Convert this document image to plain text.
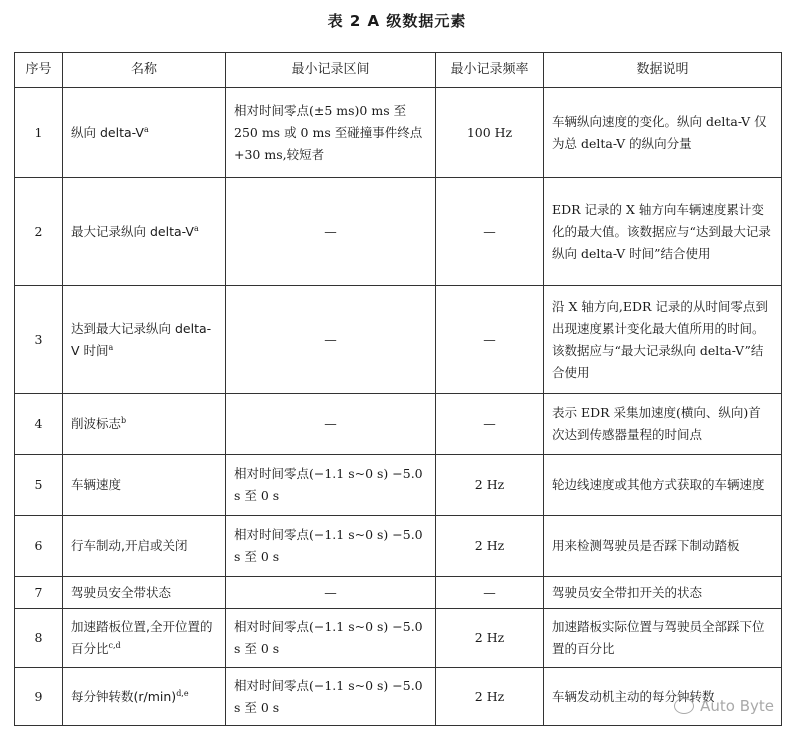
表 2 A 级数据元素
序号	名称	最小记录区间	最小记录频率	数据说明
1	纵向 delta-V$^a$	相对时间零点(±5 ms)0 ms 至 250 ms 或 0 ms 至碰撞事件终点+30 ms,较短者	100 Hz	车辆纵向速度的变化。纵向 delta-V 仅为总 delta-V 的纵向分量
2	最大记录纵向 delta-V$^a$	—	—	EDR 记录的 X 轴方向车辆速度累计变化的最大值。该数据应与“达到最大记录纵向 delta-V 时间”结合使用
3	达到最大记录纵向 delta-V 时间$^a$	—	—	沿 X 轴方向,EDR 记录的从时间零点到出现速度累计变化最大值所用的时间。该数据应与“最大记录纵向 delta-V”结合使用
4	削波标志$^b$	—	—	表示 EDR 采集加速度(横向、纵向)首次达到传感器量程的时间点
5	车辆速度	相对时间零点(−1.1 s~0 s) −5.0 s 至 0 s	2 Hz	轮边线速度或其他方式获取的车辆速度
6	行车制动,开启或关闭	相对时间零点(−1.1 s~0 s) −5.0 s 至 0 s	2 Hz	用来检测驾驶员是否踩下制动踏板
7	驾驶员安全带状态	—	—	驾驶员安全带扣开关的状态
8	加速踏板位置,全开位置的百分比$^{c,d}$	相对时间零点(−1.1 s~0 s) −5.0 s 至 0 s	2 Hz	加速踏板实际位置与驾驶员全部踩下位置的百分比
9	每分钟转数(r/min)$^{d,e}$	相对时间零点(−1.1 s~0 s) −5.0 s 至 0 s	2 Hz	车辆发动机主动的每分钟转数
Auto Byte
